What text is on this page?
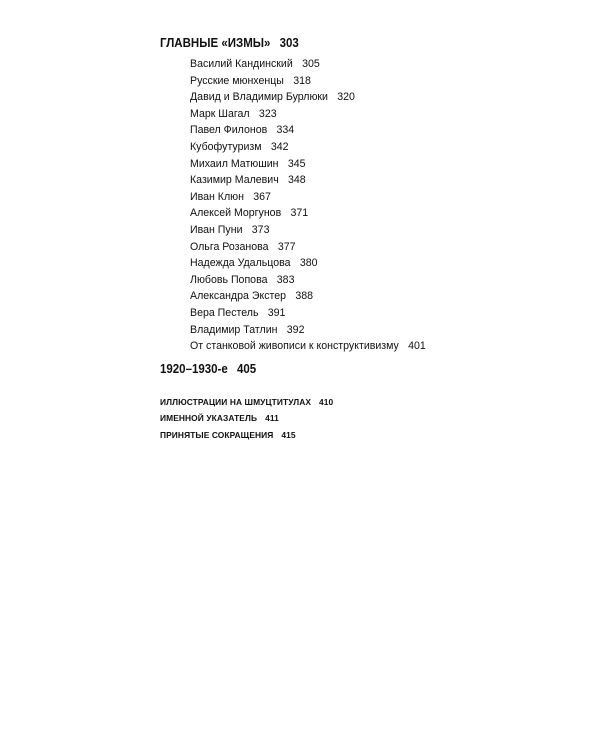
ГЛАВНЫЕ «ИЗМЫ» 303
Василий Кандинский 305
Русские мюнхенцы 318
Давид и Владимир Бурлюки 320
Марк Шагал 323
Павел Филонов 334
Кубофутуризм 342
Михаил Матюшин 345
Казимир Малевич 348
Иван Клюн 367
Алексей Моргунов 371
Иван Пуни 373
Ольга Розанова 377
Надежда Удальцова 380
Любовь Попова 383
Александра Экстер 388
Вера Пестель 391
Владимир Татлин 392
От станковой живописи к конструктивизму 401
1920–1930-е 405
ИЛЛЮСТРАЦИИ НА ШМУЦТИТУЛАХ 410
ИМЕННОЙ УКАЗАТЕЛЬ 411
ПРИНЯТЫЕ СОКРАЩЕНИЯ 415
